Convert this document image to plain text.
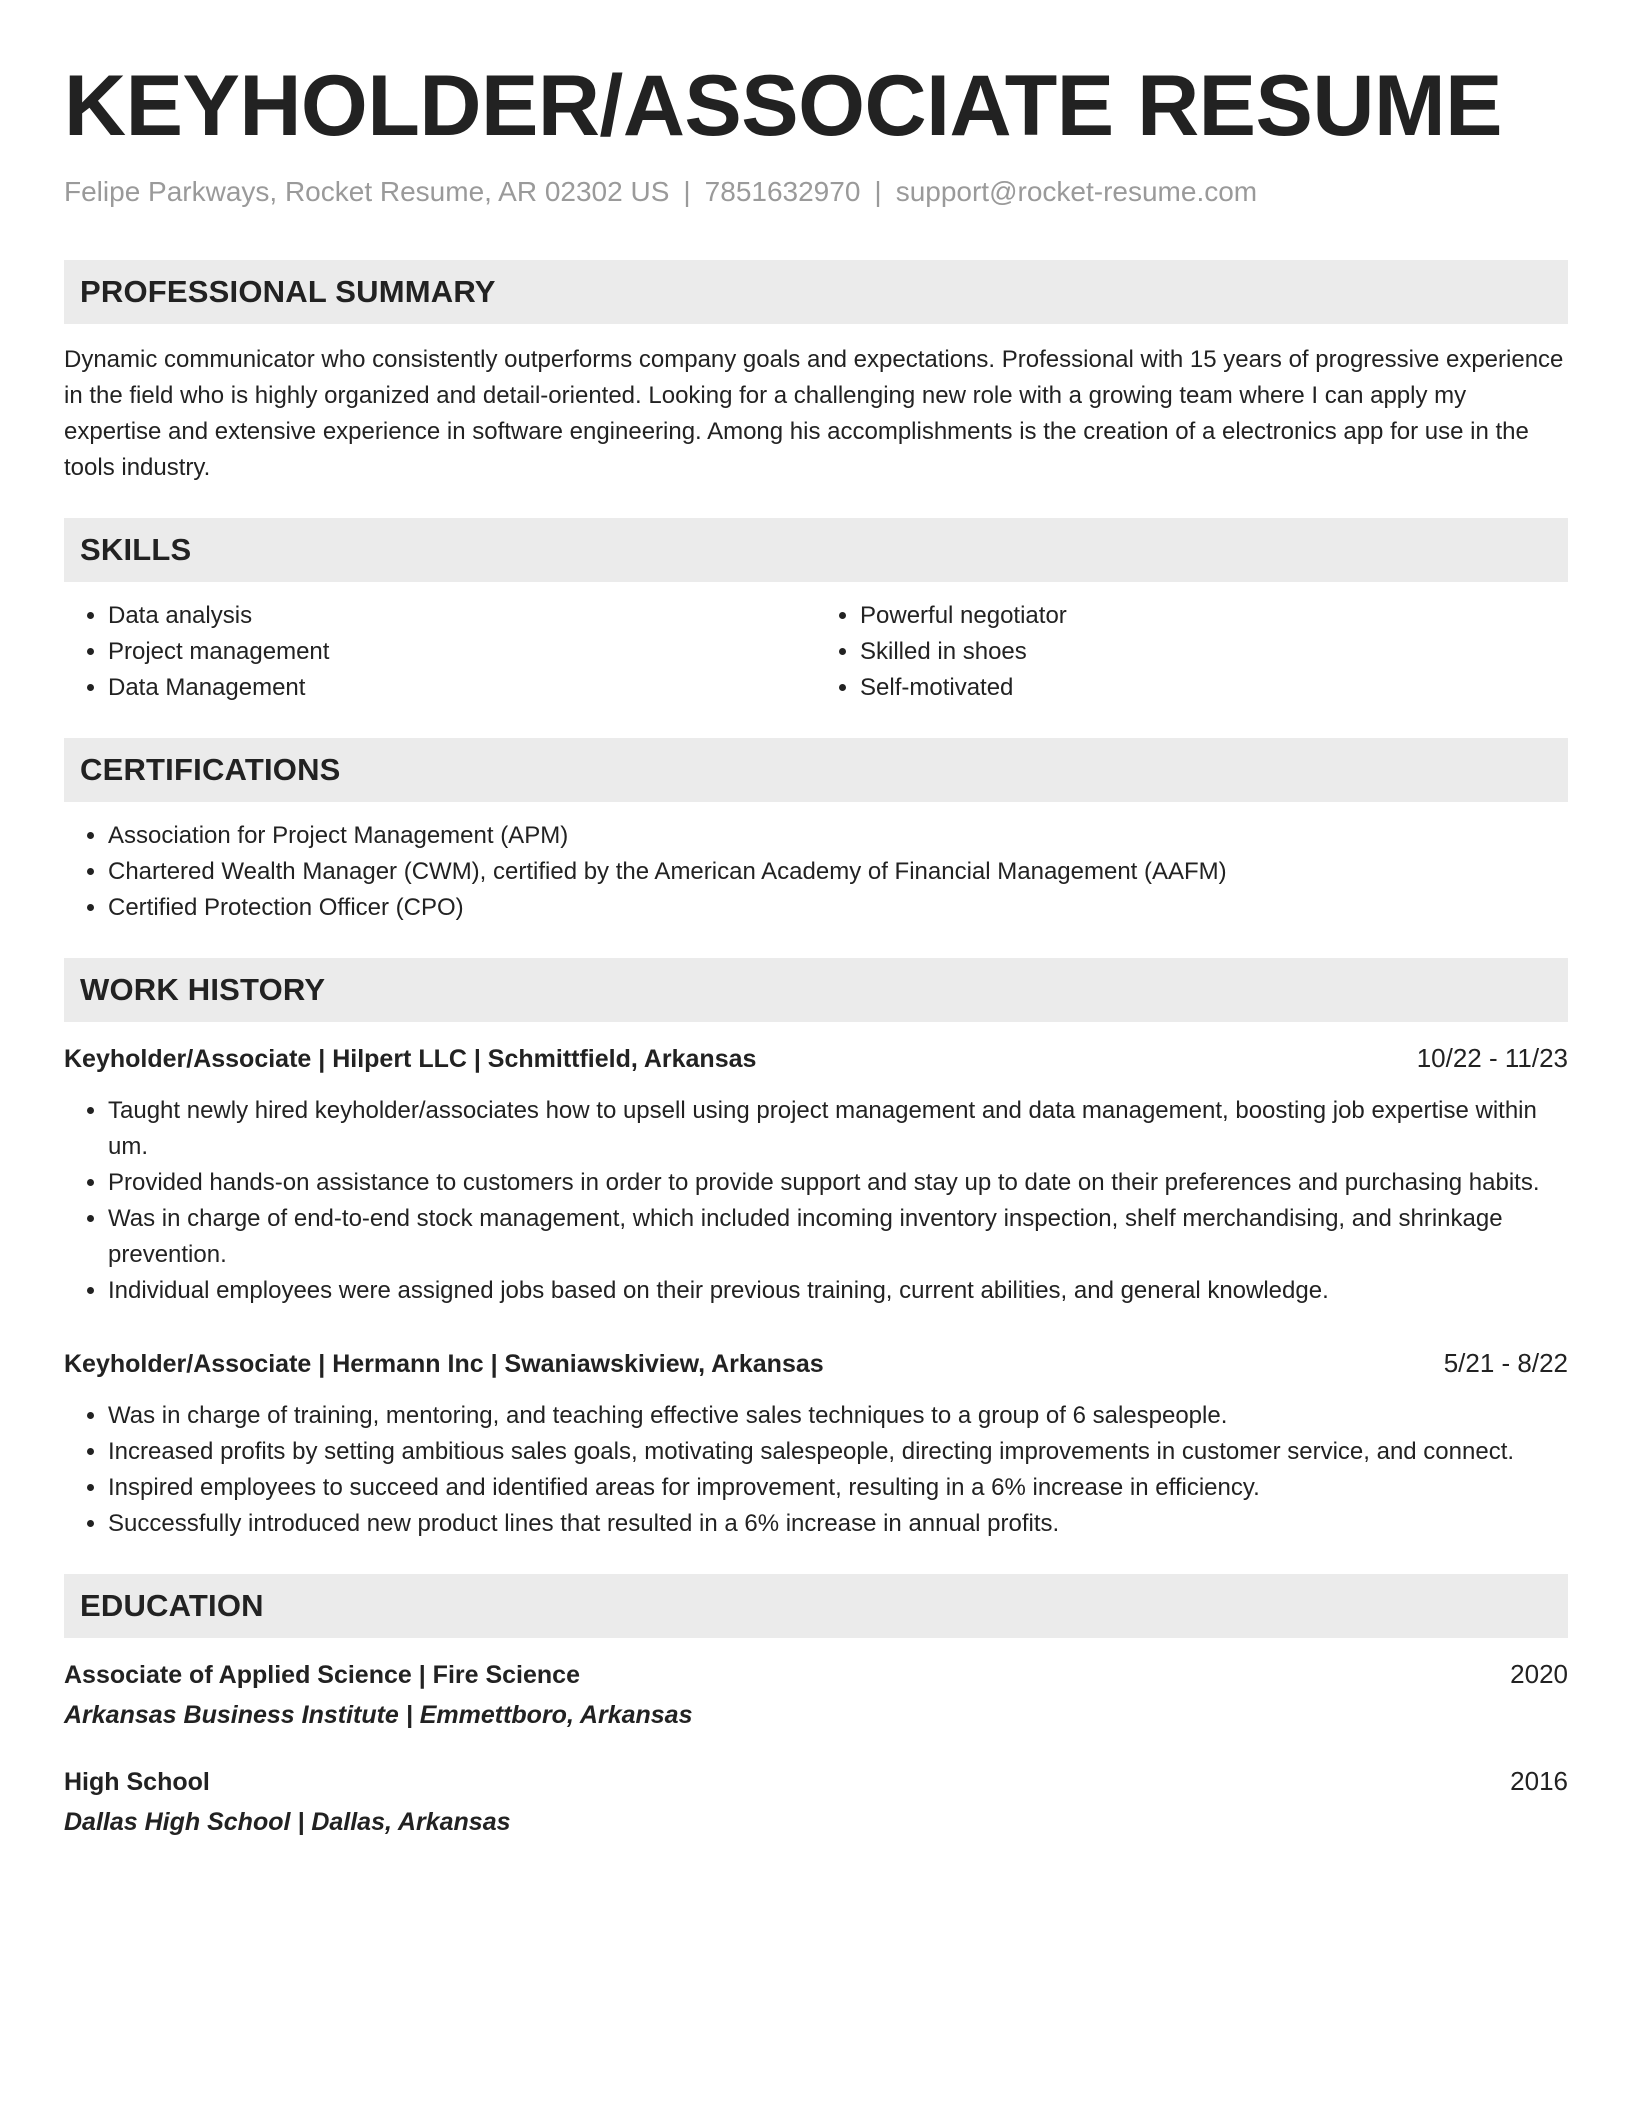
KEYHOLDER/ASSOCIATE RESUME
Felipe Parkways, Rocket Resume, AR 02302 US | 7851632970 | support@rocket-resume.com
PROFESSIONAL SUMMARY

Dynamic communicator who consistently outperforms company goals and expectations. Professional with 15 years of progressive experience in the field who is highly organized and detail-oriented. Looking for a challenging new role with a growing team where I can apply my expertise and extensive experience in software engineering. Among his accomplishments is the creation of a electronics app for use in the tools industry.

SKILLS
• Data analysis
• Project management
• Data Management
• Powerful negotiator
• Skilled in shoes
• Self-motivated
CERTIFICATIONS
• Association for Project Management (APM)
• Chartered Wealth Manager (CWM), certified by the American Academy of Financial Management (AAFM)
• Certified Protection Officer (CPO)
WORK HISTORY
Keyholder/Associate | Hilpert LLC | Schmittfield, Arkansas	10/22 - 11/23
• Taught newly hired keyholder/associates how to upsell using project management and data management, boosting job expertise within um.
• Provided hands-on assistance to customers in order to provide support and stay up to date on their preferences and purchasing habits.
• Was in charge of end-to-end stock management, which included incoming inventory inspection, shelf merchandising, and shrinkage prevention.
• Individual employees were assigned jobs based on their previous training, current abilities, and general knowledge.
Keyholder/Associate | Hermann Inc | Swaniawskiview, Arkansas	5/21 - 8/22
• Was in charge of training, mentoring, and teaching effective sales techniques to a group of 6 salespeople.
• Increased profits by setting ambitious sales goals, motivating salespeople, directing improvements in customer service, and connect.
• Inspired employees to succeed and identified areas for improvement, resulting in a 6% increase in efficiency.
• Successfully introduced new product lines that resulted in a 6% increase in annual profits.
EDUCATION
Associate of Applied Science | Fire Science	2020
Arkansas Business Institute | Emmettboro, Arkansas
High School	2016
Dallas High School | Dallas, Arkansas
